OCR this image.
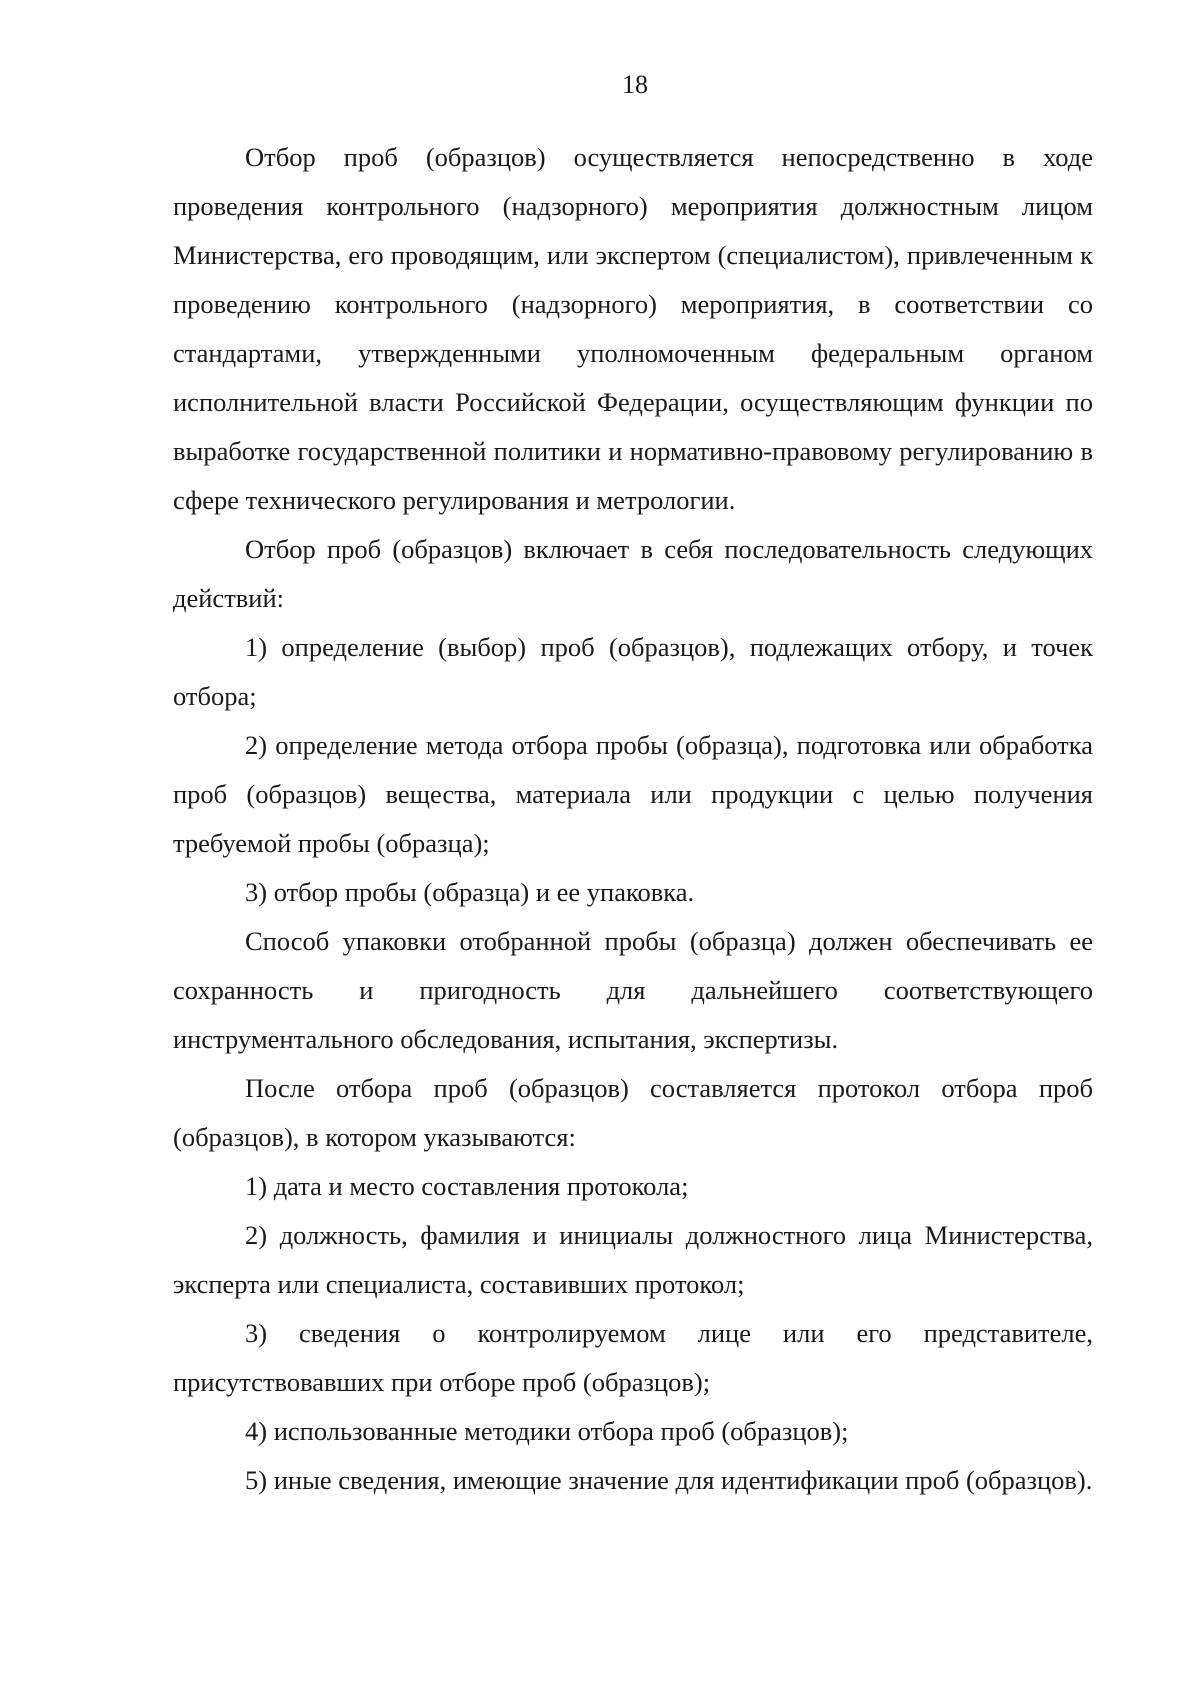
18

Отбор проб (образцов) осуществляется непосредственно в ходе проведения контрольного (надзорного) мероприятия должностным лицом Министерства, его проводящим, или экспертом (специалистом), привлеченным к проведению контрольного (надзорного) мероприятия, в соответствии со стандартами, утвержденными уполномоченным федеральным органом исполнительной власти Российской Федерации, осуществляющим функции по выработке государственной политики и нормативно-правовому регулированию в сфере технического регулирования и метрологии.

Отбор проб (образцов) включает в себя последовательность следующих действий:

1) определение (выбор) проб (образцов), подлежащих отбору, и точек отбора;

2) определение метода отбора пробы (образца), подготовка или обработка проб (образцов) вещества, материала или продукции с целью получения требуемой пробы (образца);

3) отбор пробы (образца) и ее упаковка.

Способ упаковки отобранной пробы (образца) должен обеспечивать ее сохранность и пригодность для дальнейшего соответствующего инструментального обследования, испытания, экспертизы.

После отбора проб (образцов) составляется протокол отбора проб (образцов), в котором указываются:

1) дата и место составления протокола;

2) должность, фамилия и инициалы должностного лица Министерства, эксперта или специалиста, составивших протокол;

3) сведения о контролируемом лице или его представителе, присутствовавших при отборе проб (образцов);

4) использованные методики отбора проб (образцов);

5) иные сведения, имеющие значение для идентификации проб (образцов).
